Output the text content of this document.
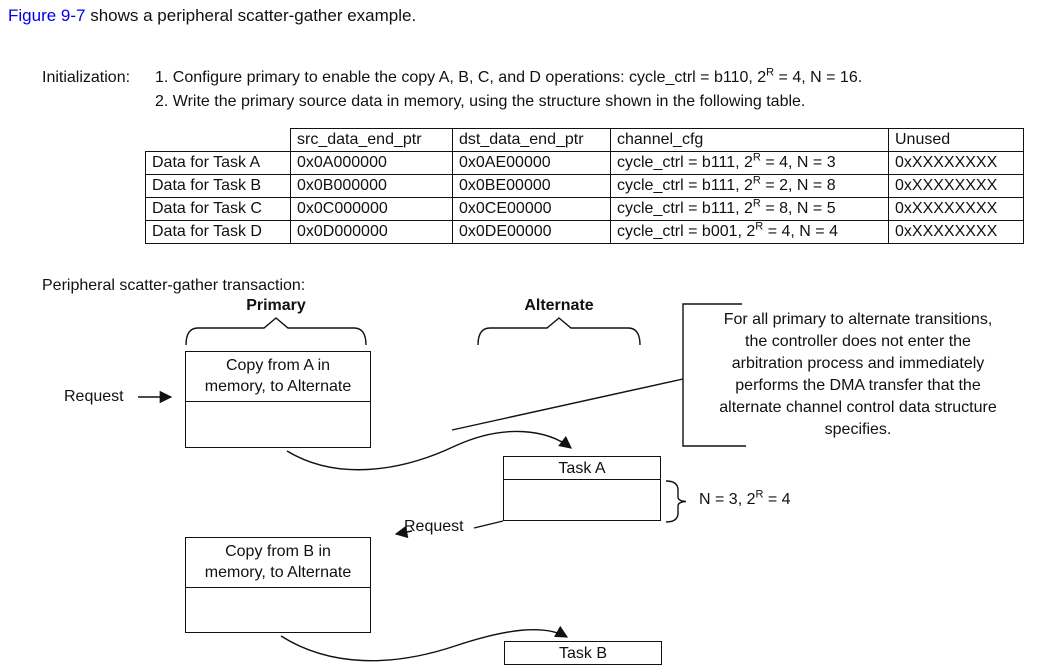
Figure 9-7 shows a peripheral scatter-gather example.
Initialization: 1. Configure primary to enable the copy A, B, C, and D operations: cycle_ctrl = b110, $2^R = 4$, N = 16.
2. Write the primary source data in memory, using the structure shown in the following table.
	src_data_end_ptr	dst_data_end_ptr	channel_cfg	Unused
Data for Task A	0x0A000000	0x0AE00000	cycle_ctrl = b111, $2^R = 4$, N = 3	0xXXXXXXXX
Data for Task B	0x0B000000	0x0BE00000	cycle_ctrl = b111, $2^R = 2$, N = 8	0xXXXXXXXX
Data for Task C	0x0C000000	0x0CE00000	cycle_ctrl = b111, $2^R = 8$, N = 5	0xXXXXXXXX
Data for Task D	0x0D000000	0x0DE00000	cycle_ctrl = b001, $2^R = 4$, N = 4	0xXXXXXXXX
Peripheral scatter-gather transaction:
Primary	Alternate
Request
Request
Copy from A in
memory, to Alternate
Copy from B in
memory, to Alternate
Task A
Task B
N = 3, $2^R = 4$
For all primary to alternate transitions,
the controller does not enter the
arbitration process and immediately
performs the DMA transfer that the
alternate channel control data structure
specifies.
